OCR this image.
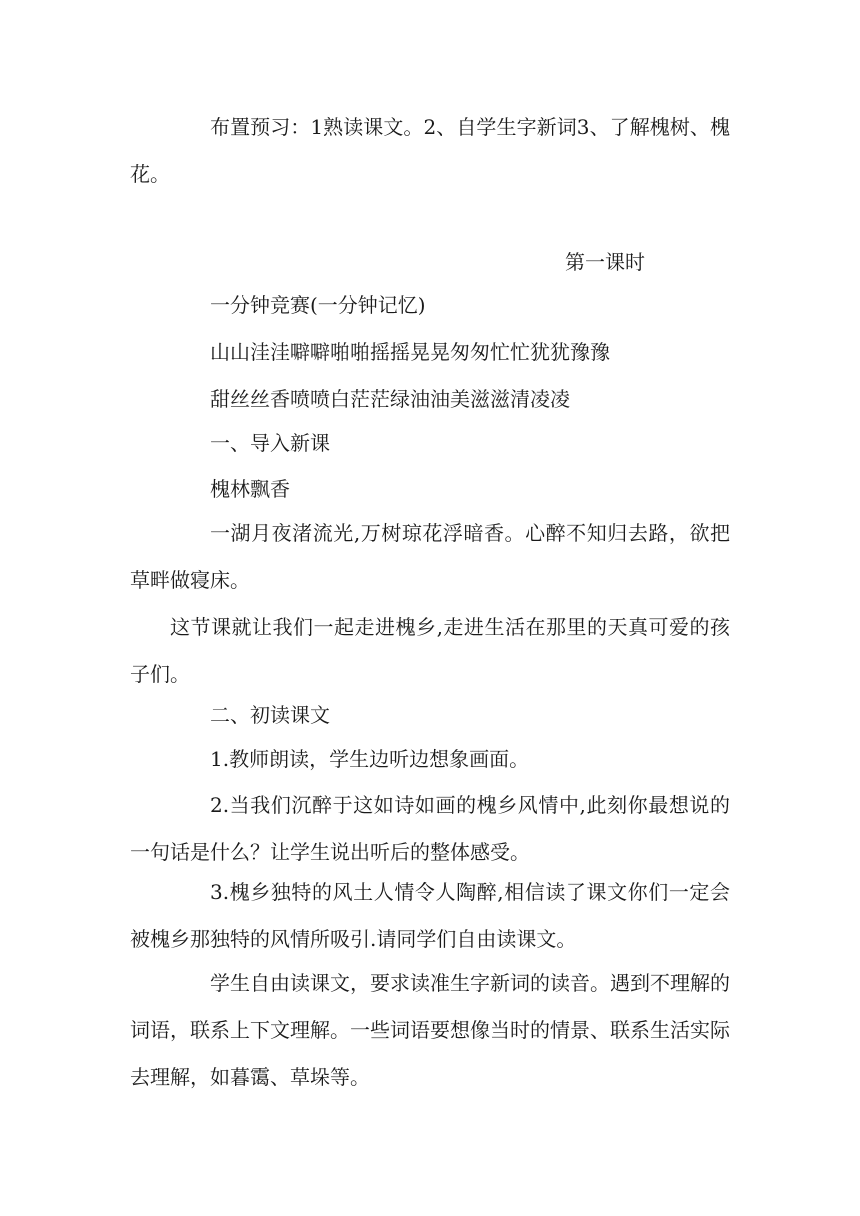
布置预习：1熟读课文。2、自学生字新词3、了解槐树、槐花。
第一课时
一分钟竞赛(一分钟记忆)
山山洼洼噼噼啪啪摇摇晃晃匆匆忙忙犹犹豫豫
甜丝丝香喷喷白茫茫绿油油美滋滋清凌凌
一、导入新课
槐林飘香
一湖月夜渚流光,万树琼花浮暗香。心醉不知归去路，欲把草畔做寝床。
这节课就让我们一起走进槐乡,走进生活在那里的天真可爱的孩子们。
二、初读课文
1.教师朗读，学生边听边想象画面。
2.当我们沉醉于这如诗如画的槐乡风情中,此刻你最想说的一句话是什么？让学生说出听后的整体感受。
3.槐乡独特的风土人情令人陶醉,相信读了课文你们一定会被槐乡那独特的风情所吸引.请同学们自由读课文。
学生自由读课文，要求读准生字新词的读音。遇到不理解的词语，联系上下文理解。一些词语要想像当时的情景、联系生活实际去理解，如暮霭、草垛等。
